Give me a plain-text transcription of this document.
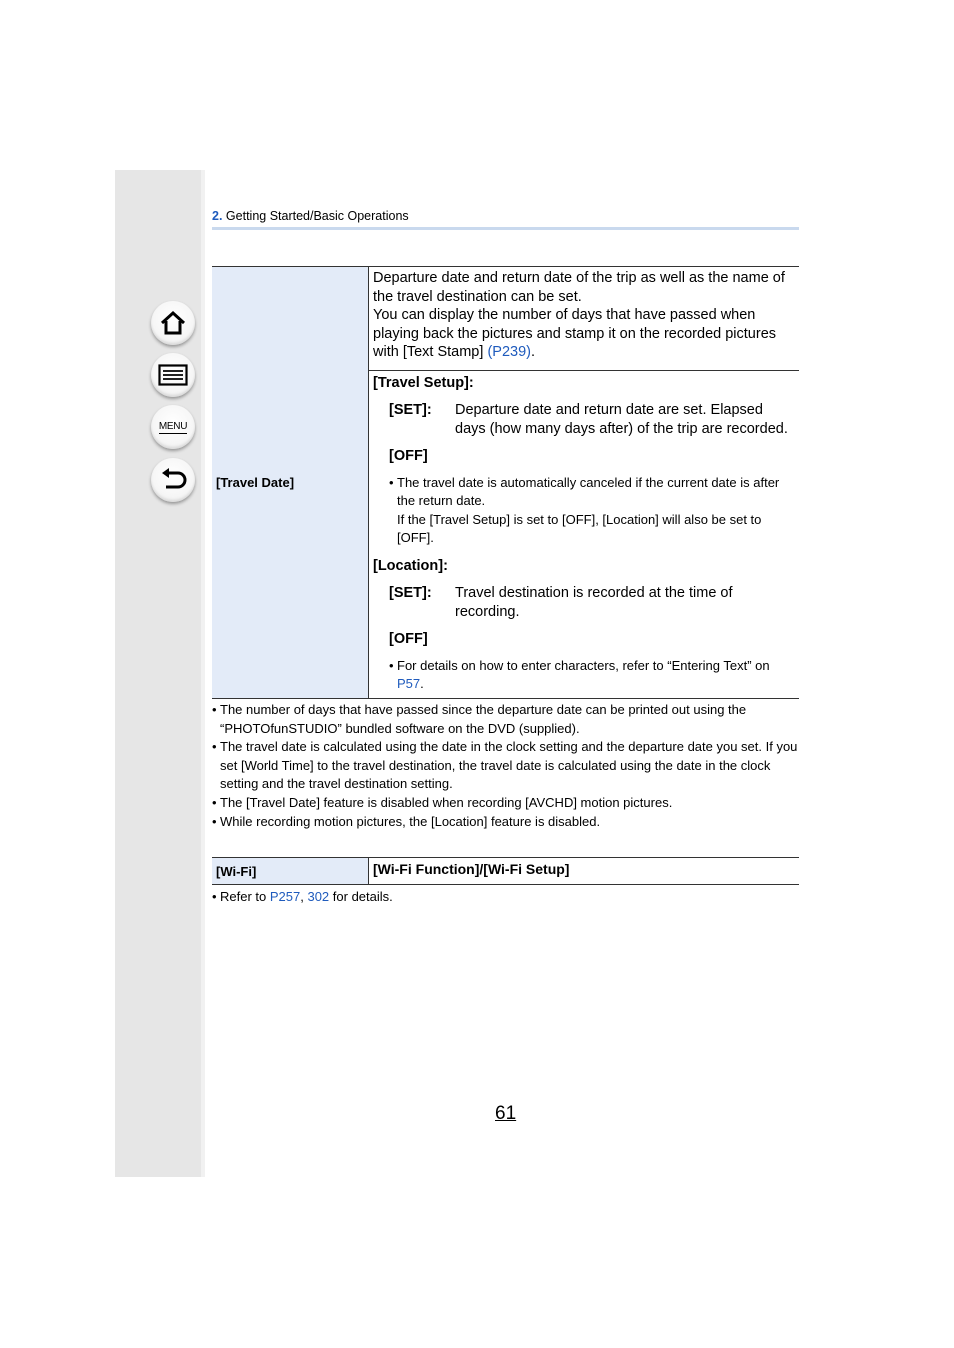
MENU
2. Getting Started/Basic Operations
[Travel Date]	Departure date and return date of the trip as well as the name of the travel destination can be set.
You can display the number of days that have passed when playing back the pictures and stamp it on the recorded pictures with [Text Stamp] (P239).

[Travel Setup]:
[SET]:	Departure date and return date are set. Elapsed days (how many days after) of the trip are recorded.
[OFF]
• The travel date is automatically canceled if the current date is after the return date.
If the [Travel Setup] is set to [OFF], [Location] will also be set to [OFF].
[Location]:
[SET]:	Travel destination is recorded at the time of recording.
[OFF]
• For details on how to enter characters, refer to “Entering Text” on P57.
• The number of days that have passed since the departure date can be printed out using the “PHOTOfunSTUDIO” bundled software on the DVD (supplied).
• The travel date is calculated using the date in the clock setting and the departure date you set. If you set [World Time] to the travel destination, the travel date is calculated using the date in the clock setting and the travel destination setting.
• The [Travel Date] feature is disabled when recording [AVCHD] motion pictures.
• While recording motion pictures, the [Location] feature is disabled.
[Wi-Fi]	[Wi-Fi Function]/[Wi-Fi Setup]
• Refer to P257, 302 for details.
61
